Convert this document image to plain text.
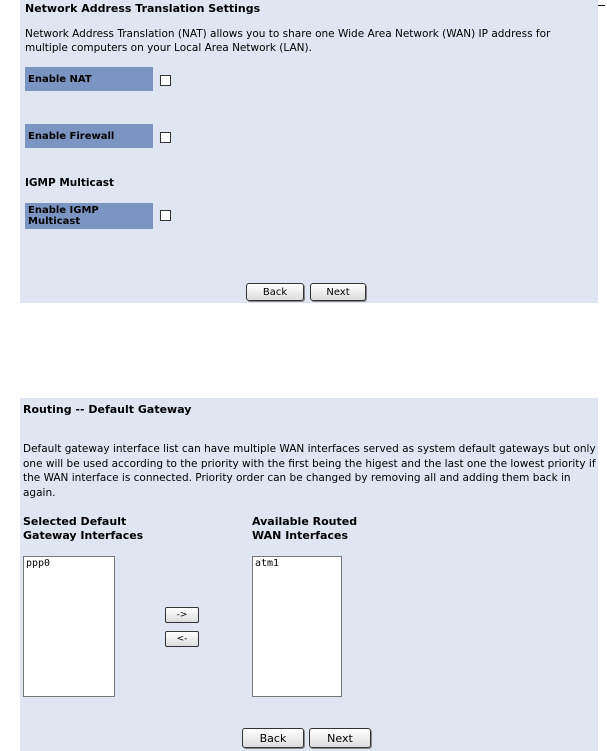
Network Address Translation Settings
Network Address Translation (NAT) allows you to share one Wide Area Network (WAN) IP address for multiple computers on your Local Area Network (LAN).
Enable NAT
Enable Firewall
IGMP Multicast
Enable IGMP Multicast
Back	Next
Routing -- Default Gateway
Default gateway interface list can have multiple WAN interfaces served as system default gateways but only one will be used according to the priority with the first being the higest and the last one the lowest priority if the WAN interface is connected. Priority order can be changed by removing all and adding them back in again.
Selected Default Gateway Interfaces
Available Routed WAN Interfaces
ppp0	atm1
->
<-
Back	Next
